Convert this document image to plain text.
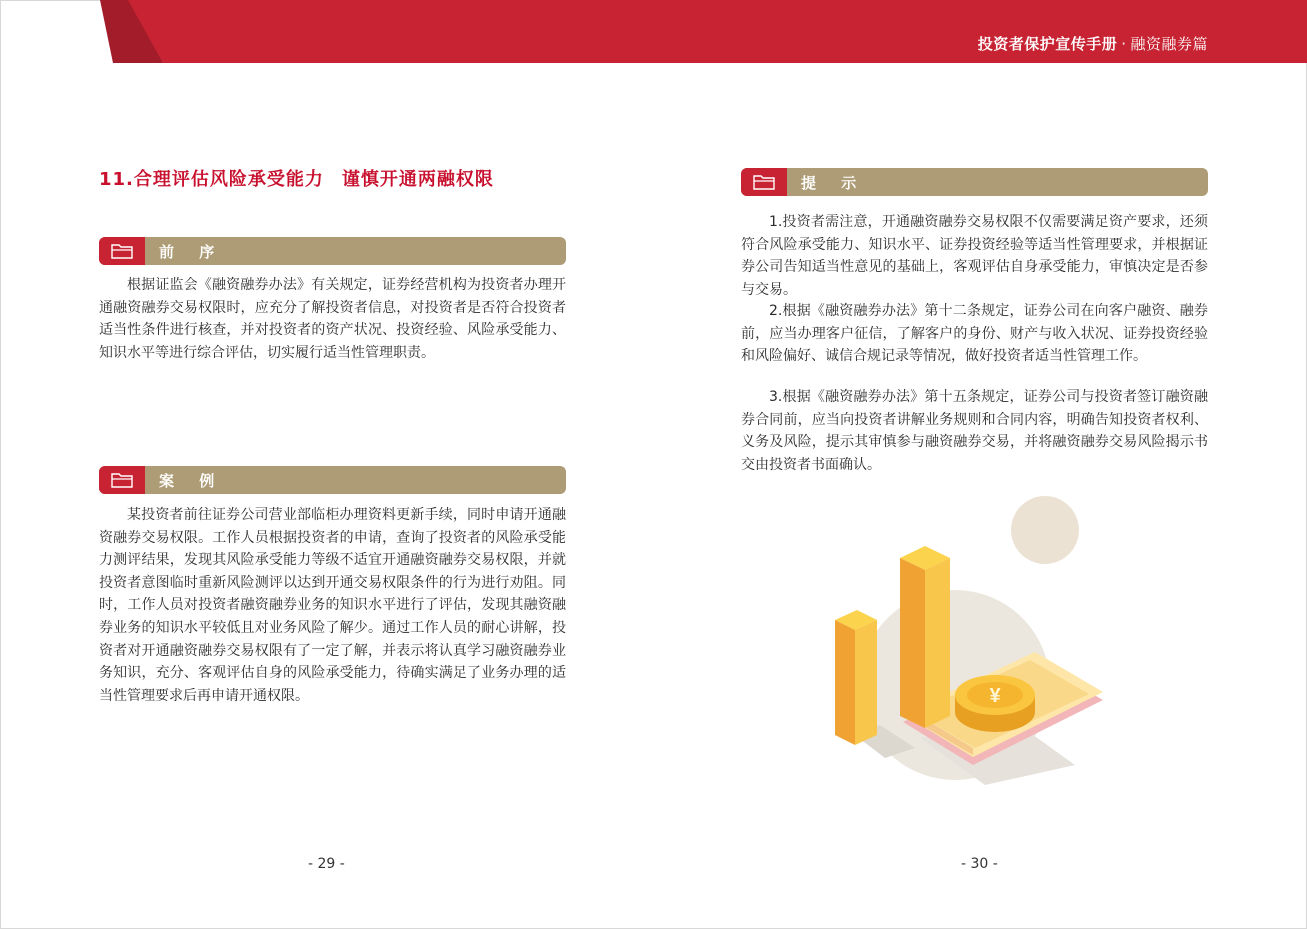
投资者保护宣传手册 · 融资融券篇
11.合理评估风险承受能力 谨慎开通两融权限
前 序

根据证监会《融资融券办法》有关规定，证券经营机构为投资者办理开通融资融券交易权限时，应充分了解投资者信息，对投资者是否符合投资者适当性条件进行核查，并对投资者的资产状况、投资经验、风险承受能力、知识水平等进行综合评估，切实履行适当性管理职责。

案 例

某投资者前往证券公司营业部临柜办理资料更新手续，同时申请开通融资融券交易权限。工作人员根据投资者的申请，查询了投资者的风险承受能力测评结果，发现其风险承受能力等级不适宜开通融资融券交易权限，并就投资者意图临时重新风险测评以达到开通交易权限条件的行为进行劝阻。同时，工作人员对投资者融资融券业务的知识水平进行了评估，发现其融资融券业务的知识水平较低且对业务风险了解少。通过工作人员的耐心讲解，投资者对开通融资融券交易权限有了一定了解，并表示将认真学习融资融券业务知识，充分、客观评估自身的风险承受能力，待确实满足了业务办理的适当性管理要求后再申请开通权限。

- 29 -
提 示

1.投资者需注意，开通融资融券交易权限不仅需要满足资产要求，还须符合风险承受能力、知识水平、证券投资经验等适当性管理要求，并根据证券公司告知适当性意见的基础上，客观评估自身承受能力，审慎决定是否参与交易。

2.根据《融资融券办法》第十二条规定，证券公司在向客户融资、融券前，应当办理客户征信，了解客户的身份、财产与收入状况、证券投资经验和风险偏好、诚信合规记录等情况，做好投资者适当性管理工作。

3.根据《融资融券办法》第十五条规定，证券公司与投资者签订融资融券合同前，应当向投资者讲解业务规则和合同内容，明确告知投资者权利、义务及风险，提示其审慎参与融资融券交易，并将融资融券交易风险揭示书交由投资者书面确认。

¥
- 30 -
